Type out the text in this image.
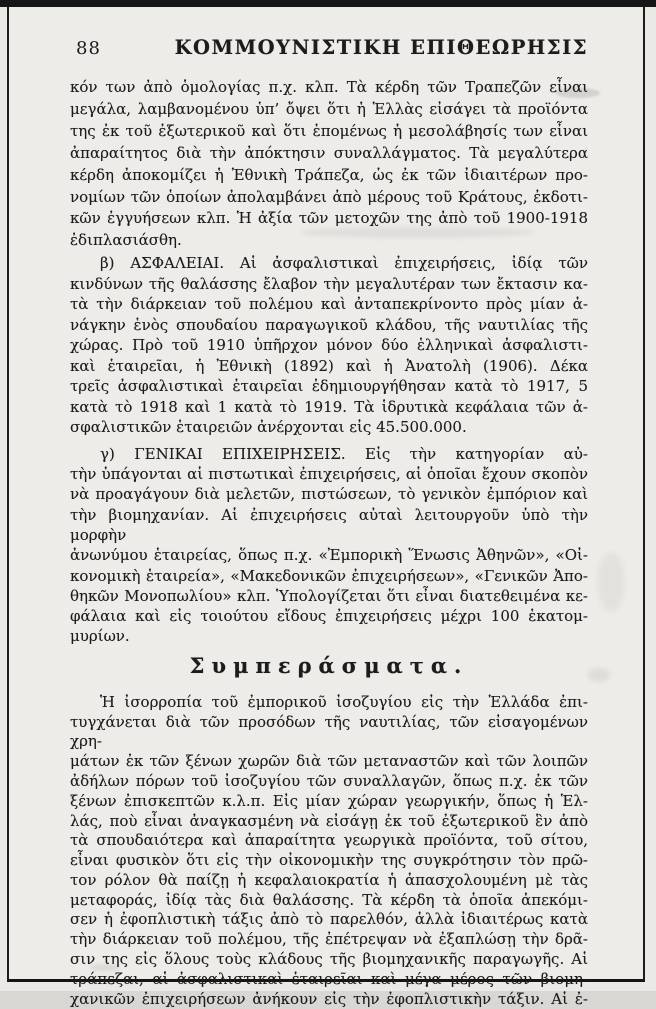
88	ΚΟΜΜΟΥΝΙΣΤΙΚΗ ΕΠΙΘΕΩΡΗΣΙΣ
κόν των ἀπὸ ὁμολογίας π.χ. κλπ. Τὰ κέρδη τῶν Τραπεζῶν εἶναι
μεγάλα, λαμβανομένου ὑπ’ ὄψει ὅτι ἡ Ἑλλὰς εἰσάγει τὰ προϊόντα
της ἐκ τοῦ ἐξωτερικοῦ καὶ ὅτι ἑπομένως ἡ μεσολάβησίς των εἶναι
ἀπαραίτητος διὰ τὴν ἀπόκτησιν συναλλάγματος. Τὰ μεγαλύτερα
κέρδη ἀποκομίζει ἡ Ἐθνικὴ Τράπεζα, ὡς ἐκ τῶν ἰδιαιτέρων προ-
νομίων τῶν ὁποίων ἀπολαμβάνει ἀπὸ μέρους τοῦ Κράτους, ἐκδοτι-
κῶν ἐγγυήσεων κλπ. Ἡ ἀξία τῶν μετοχῶν της ἀπὸ τοῦ 1900-1918
ἐδιπλασιάσθη.
β) ΑΣΦΑΛΕΙΑΙ. Αἱ ἀσφαλιστικαὶ ἐπιχειρήσεις, ἰδίᾳ τῶν
κινδύνων τῆς θαλάσσης ἔλαβον τὴν μεγαλυτέραν των ἔκτασιν κα-
τὰ τὴν διάρκειαν τοῦ πολέμου καὶ ἀνταπεκρίνοντο πρὸς μίαν ἀ-
νάγκην ἑνὸς σπουδαίου παραγωγικοῦ κλάδου, τῆς ναυτιλίας τῆς
χώρας. Πρὸ τοῦ 1910 ὑπῆρχον μόνον δύο ἑλληνικαὶ ἀσφαλιστι-
καὶ ἑταιρεῖαι, ἡ Ἐθνικὴ (1892) καὶ ἡ Ἀνατολὴ (1906). Δέκα
τρεῖς ἀσφαλιστικαὶ ἑταιρεῖαι ἐδημιουργήθησαν κατὰ τὸ 1917, 5
κατὰ τὸ 1918 καὶ 1 κατὰ τὸ 1919. Τὰ ἱδρυτικὰ κεφάλαια τῶν ἀ-
σφαλιστικῶν ἑταιρειῶν ἀνέρχονται εἰς 45.500.000.
γ) ΓΕΝΙΚΑΙ ΕΠΙΧΕΙΡΗΣΕΙΣ. Εἰς τὴν κατηγορίαν αὐ-
τὴν ὑπάγονται αἱ πιστωτικαὶ ἐπιχειρήσεις, αἱ ὁποῖαι ἔχουν σκοπὸν
νὰ προαγάγουν διὰ μελετῶν, πιστώσεων, τὸ γενικὸν ἐμπόριον καὶ
τὴν βιομηχανίαν. Αἱ ἐπιχειρήσεις αὐταὶ λειτουργοῦν ὑπὸ τὴν μορφὴν
ἀνωνύμου ἑταιρείας, ὅπως π.χ. «Ἐμπορικὴ Ἕνωσις Ἀθηνῶν», «Οἰ-
κονομικὴ ἑταιρεία», «Μακεδονικῶν ἐπιχειρήσεων», «Γενικῶν Ἀπο-
θηκῶν Μονοπωλίου» κλπ. Ὑπολογίζεται ὅτι εἶναι διατεθειμένα κε-
φάλαια καὶ εἰς τοιούτου εἴδους ἐπιχειρήσεις μέχρι 100 ἑκατομ-
μυρίων.
Συμπεράσματα.
Ἡ ἰσορροπία τοῦ ἐμπορικοῦ ἰσοζυγίου εἰς τὴν Ἑλλάδα ἐπι-
τυγχάνεται διὰ τῶν προσόδων τῆς ναυτιλίας, τῶν εἰσαγομένων χρη-
μάτων ἐκ τῶν ξένων χωρῶν διὰ τῶν μεταναστῶν καὶ τῶν λοιπῶν
ἀδήλων πόρων τοῦ ἰσοζυγίου τῶν συναλλαγῶν, ὅπως π.χ. ἐκ τῶν
ξένων ἐπισκεπτῶν κ.λ.π. Εἰς μίαν χώραν γεωργικήν, ὅπως ἡ Ἑλ-
λάς, ποὺ εἶναι ἀναγκασμένη νὰ εἰσάγῃ ἐκ τοῦ ἐξωτερικοῦ ἓν ἀπὸ
τὰ σπουδαιότερα καὶ ἀπαραίτητα γεωργικὰ προϊόντα, τοῦ σίτου,
εἶναι φυσικὸν ὅτι εἰς τὴν οἰκονομικὴν της συγκρότησιν τὸν πρῶ-
τον ρόλον θὰ παίζῃ ἡ κεφαλαιοκρατία ἡ ἀπασχολουμένη μὲ τὰς
μεταφοράς, ἰδίᾳ τὰς διὰ θαλάσσης. Τὰ κέρδη τὰ ὁποῖα ἀπεκόμι-
σεν ἡ ἐφοπλιστικὴ τάξις ἀπὸ τὸ παρελθόν, ἀλλὰ ἰδιαιτέρως κατὰ
τὴν διάρκειαν τοῦ πολέμου, τῆς ἐπέτρεψαν νὰ ἐξαπλώσῃ τὴν δρᾶ-
σιν της εἰς ὅλους τοὺς κλάδους τῆς βιομηχανικῆς παραγωγῆς. Αἱ
τράπεζαι, αἱ ἀσφαλιστικαὶ ἑταιρεῖαι καὶ μέγα μέρος τῶν βιομη-
χανικῶν ἐπιχειρήσεων ἀνήκουν εἰς τὴν ἐφοπλιστικὴν τάξιν. Αἱ ἐ-
